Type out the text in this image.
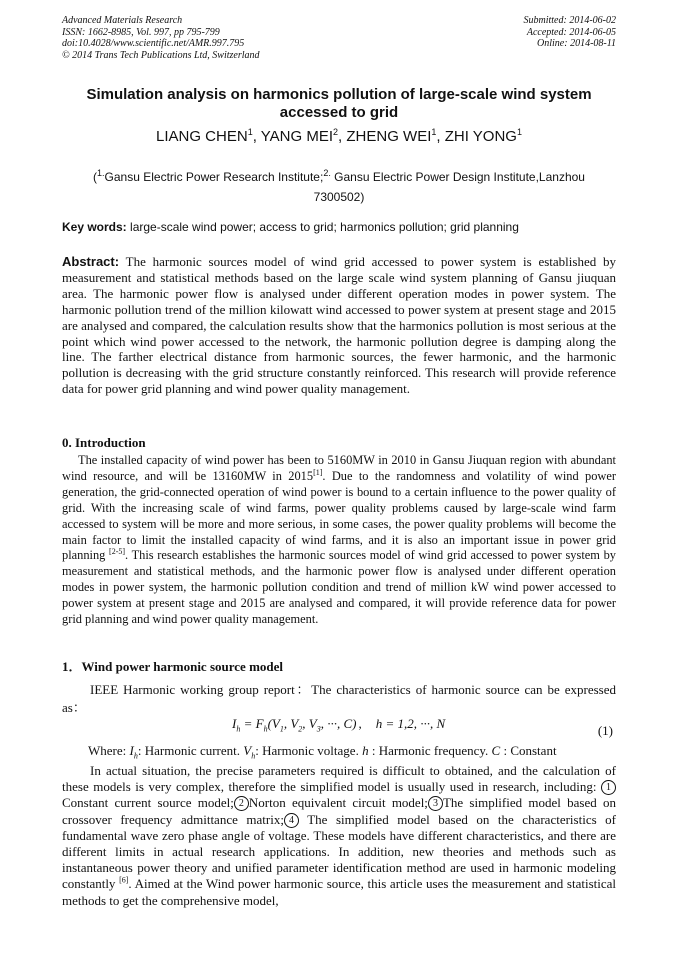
Advanced Materials Research
ISSN: 1662-8985, Vol. 997, pp 795-799
doi:10.4028/www.scientific.net/AMR.997.795
© 2014 Trans Tech Publications Ltd, Switzerland
Submitted: 2014-06-02
Accepted: 2014-06-05
Online: 2014-08-11
Simulation analysis on harmonics pollution of large-scale wind system accessed to grid
LIANG CHEN$^1$, YANG MEI$^2$, ZHENG WEI$^1$, ZHI YONG$^1$
($^{1.}$Gansu Electric Power Research Institute;$^{2.}$ Gansu Electric Power Design Institute,Lanzhou 7300502)
Key words: large-scale wind power; access to grid; harmonics pollution; grid planning
Abstract: The harmonic sources model of wind grid accessed to power system is established by measurement and statistical methods based on the large scale wind system planning of Gansu jiuquan area. The harmonic power flow is analysed under different operation modes in power system. The harmonic pollution trend of the million kilowatt wind accessed to power system at present stage and 2015 are analysed and compared, the calculation results show that the harmonics pollution is most serious at the point which wind power accessed to the network, the harmonic pollution degree is damping along the line. The farther electrical distance from harmonic sources, the fewer harmonic, and the harmonic pollution is decreasing with the grid structure constantly reinforced. This research will provide reference data for power grid planning and wind power quality management.
0. Introduction
The installed capacity of wind power has been to 5160MW in 2010 in Gansu Jiuquan region with abundant wind resource, and will be 13160MW in 2015[1]. Due to the randomness and volatility of wind power generation, the grid-connected operation of wind power is bound to a certain influence to the power quality of grid. With the increasing scale of wind farms, power quality problems caused by large-scale wind farm accessed to system will be more and more serious, in some cases, the power quality problems will become the main factor to limit the installed capacity of wind farms, and it is also an important issue in power grid planning [2-5]. This research establishes the harmonic sources model of wind grid accessed to power system by measurement and statistical methods, and the harmonic power flow is analysed under different operation modes in power system, the harmonic pollution condition and trend of million kW wind power accessed to power system at present stage and 2015 are analysed and compared, it will provide reference data for power grid planning and wind power quality management.
1．Wind power harmonic source model
IEEE Harmonic working group report：The characteristics of harmonic source can be expressed as：
$I_h = F_h(V_1$, $V_2$, $V_3$, ···, C) , h = 1,2, ···, N	(1)
Where: $I_h$: Harmonic current. $V_h$: Harmonic voltage. h : Harmonic frequency. C : Constant
In actual situation, the precise parameters required is difficult to obtained, and the calculation of these models is very complex, therefore the simplified model is usually used in research, including: 1 Constant current source model; 2 Norton equivalent circuit model; 3 The simplified model based on crossover frequency admittance matrix; 4 The simplified model based on the characteristics of fundamental wave zero phase angle of voltage. These models have different characteristics, and there are different limits in actual research applications. In addition, new theories and methods such as instantaneous power theory and unified parameter identification method are used in harmonic modeling constantly [6]. Aimed at the Wind power harmonic source, this article uses the measurement and statistical methods to get the comprehensive model,
